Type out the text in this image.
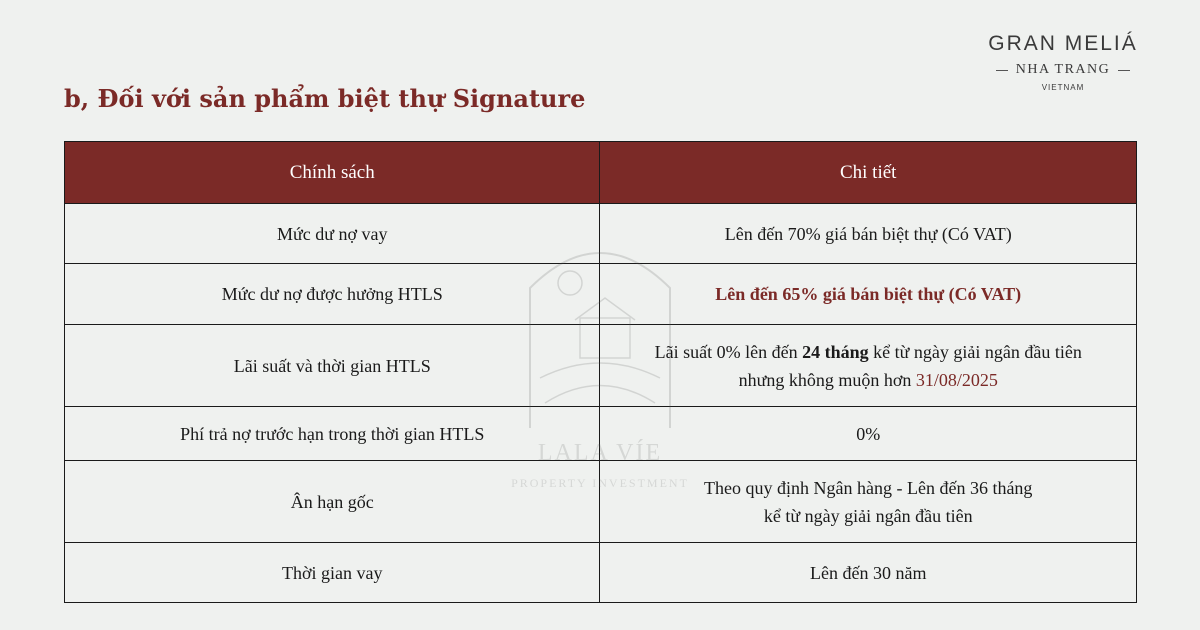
GRAN MELIÁ
NHA TRANG
VIETNAM
b, Đối với sản phẩm biệt thự Signature
Chính sách	Chi tiết
Mức dư nợ vay	Lên đến 70% giá bán biệt thự (Có VAT)
Mức dư nợ được hưởng HTLS	Lên đến 65% giá bán biệt thự (Có VAT)
Lãi suất và thời gian HTLS	Lãi suất 0% lên đến 24 tháng kể từ ngày giải ngân đầu tiên
nhưng không muộn hơn 31/08/2025
Phí trả nợ trước hạn trong thời gian HTLS	0%
Ân hạn gốc	Theo quy định Ngân hàng - Lên đến 36 tháng
kể từ ngày giải ngân đầu tiên
Thời gian vay	Lên đến 30 năm
LALA VÍE
PROPERTY INVESTMENT
